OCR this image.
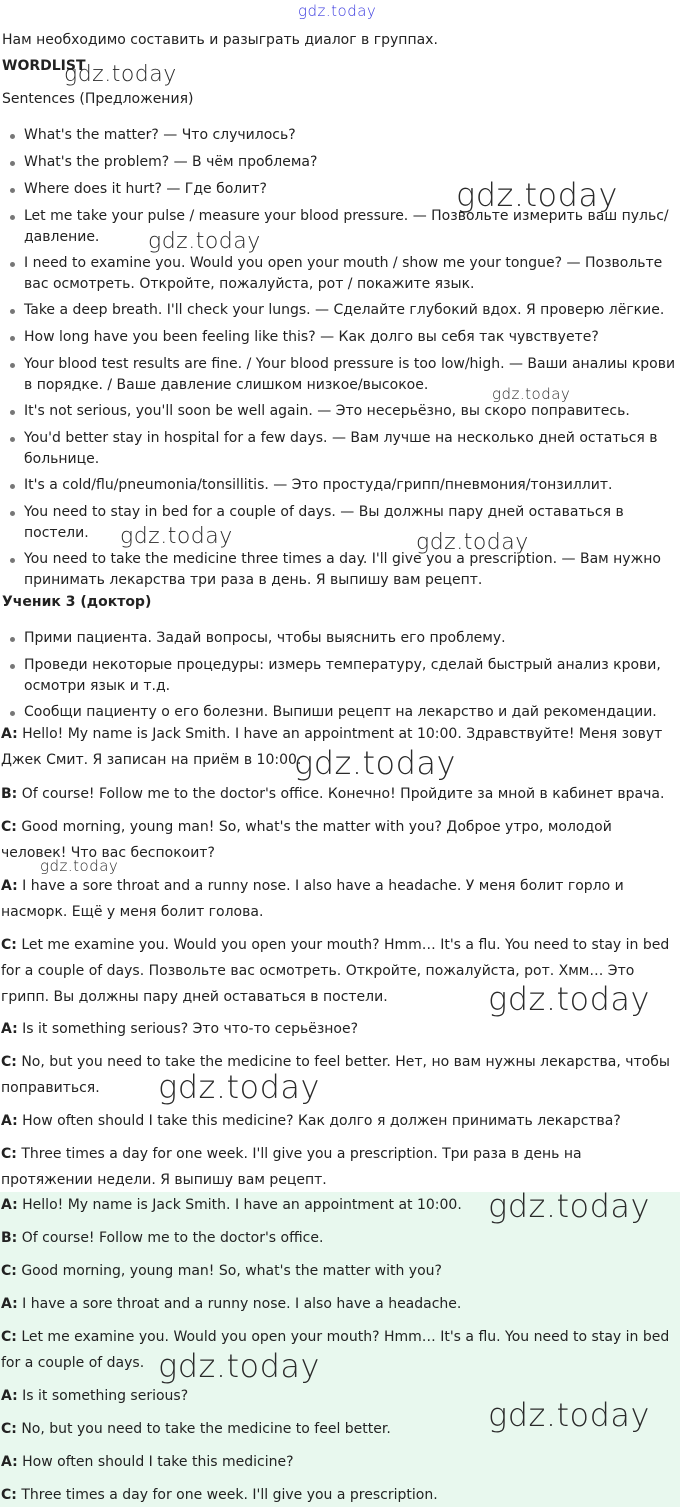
gdz.today
Нам необходимо составить и разыграть диалог в группах.
WORDLIST
Sentences (Предложения)
What's the matter? — Что случилось?
What's the problem? — В чём проблема?
Where does it hurt? — Где болит?
Let me take your pulse / measure your blood pressure. — Позвольте измерить ваш пульс/давление.
I need to examine you. Would you open your mouth / show me your tongue? — Позвольте вас осмотреть. Откройте, пожалуйста, рот / покажите язык.
Take a deep breath. I'll check your lungs. — Сделайте глубокий вдох. Я проверю лёгкие.
How long have you been feeling like this? — Как долго вы себя так чувствуете?
Your blood test results are fine. / Your blood pressure is too low/high. — Ваши аналиы крови в порядке. / Ваше давление слишком низкое/высокое.
It's not serious, you'll soon be well again. — Это несерьёзно, вы скоро поправитесь.
You'd better stay in hospital for a few days. — Вам лучше на несколько дней остаться в больнице.
It's a cold/flu/pneumonia/tonsillitis. — Это простуда/грипп/пневмония/тонзиллит.
You need to stay in bed for a couple of days. — Вы должны пару дней оставаться в постели.
You need to take the medicine three times a day. I'll give you a prescription. — Вам нужно принимать лекарства три раза в день. Я выпишу вам рецепт.
Ученик 3 (доктор)
Прими пациента. Задай вопросы, чтобы выяснить его проблему.
Проведи некоторые процедуры: измерь температуру, сделай быстрый анализ крови, осмотри язык и т.д.
Сообщи пациенту о его болезни. Выпиши рецепт на лекарство и дай рекомендации.
A: Hello! My name is Jack Smith. I have an appointment at 10:00. Здравствуйте! Меня зовут Джек Смит. Я записан на приём в 10:00.
B: Of course! Follow me to the doctor's office. Конечно! Пройдите за мной в кабинет врача.
C: Good morning, young man! So, what's the matter with you? Доброе утро, молодой человек! Что вас беспокоит?
A: I have a sore throat and a runny nose. I also have a headache. У меня болит горло и насморк. Ещё у меня болит голова.
C: Let me examine you. Would you open your mouth? Hmm… It's a flu. You need to stay in bed for a couple of days. Позвольте вас осмотреть. Откройте, пожалуйста, рот. Хмм… Это грипп. Вы должны пару дней оставаться в постели.
A: Is it something serious? Это что-то серьёзное?
C: No, but you need to take the medicine to feel better. Нет, но вам нужны лекарства, чтобы поправиться.
A: How often should I take this medicine? Как долго я должен принимать лекарства?
C: Three times a day for one week. I'll give you a prescription. Три раза в день на протяжении недели. Я выпишу вам рецепт.
A: Hello! My name is Jack Smith. I have an appointment at 10:00.
B: Of course! Follow me to the doctor's office.
C: Good morning, young man! So, what's the matter with you?
A: I have a sore throat and a runny nose. I also have a headache.
C: Let me examine you. Would you open your mouth? Hmm… It's a flu. You need to stay in bed for a couple of days.
A: Is it something serious?
C: No, but you need to take the medicine to feel better.
A: How often should I take this medicine?
C: Three times a day for one week. I'll give you a prescription.
gdz.today
gdz.today
gdz.today
gdz.today
gdz.today	gdz.today
gdz.today
gdz.today
gdz.today
gdz.today
gdz.today
gdz.today
gdz.today
